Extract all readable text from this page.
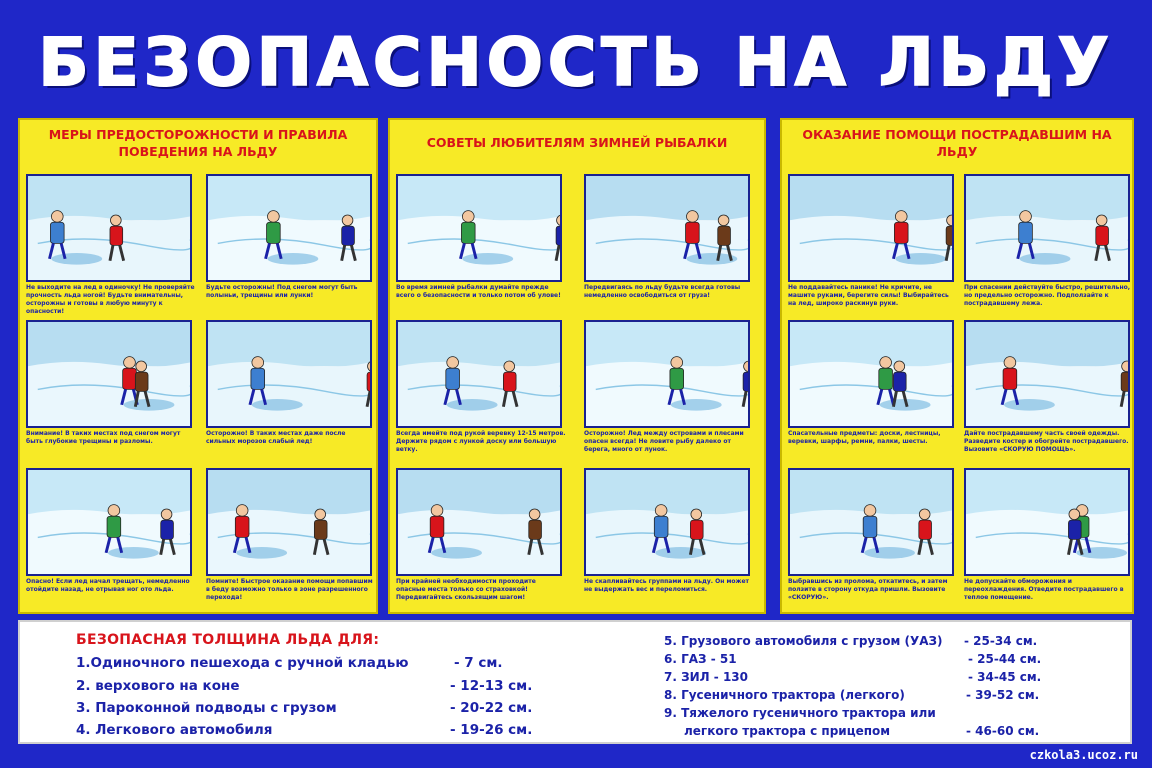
БЕЗОПАСНОСТЬ НА ЛЬДУ
МЕРЫ ПРЕДОСТОРОЖНОСТИ И ПРАВИЛА ПОВЕДЕНИЯ НА ЛЬДУ
СОВЕТЫ ЛЮБИТЕЛЯМ ЗИМНЕЙ РЫБАЛКИ
ОКАЗАНИЕ ПОМОЩИ ПОСТРАДАВШИМ НА ЛЬДУ
Не выходите на лед в одиночку! Не проверяйте прочность льда ногой! Будьте внимательны, осторожны и готовы в любую минуту к опасности!
Будьте осторожны! Под снегом могут быть полыньи, трещины или лунки!
Внимание! В таких местах под снегом могут быть глубокие трещины и разломы.
Осторожно! В таких местах даже после сильных морозов слабый лед!
Опасно! Если лед начал трещать, немедленно отойдите назад, не отрывая ног ото льда.
Помните! Быстрое оказание помощи попавшим в беду возможно только в зоне разрешенного перехода!
Во время зимней рыбалки думайте прежде всего о безопасности и только потом об улове!
Передвигаясь по льду будьте всегда готовы немедленно освободиться от груза!
Всегда имейте под рукой веревку 12-15 метров. Держите рядом с лункой доску или большую ветку.
Осторожно! Лед между островами и плесами опасен всегда! Не ловите рыбу далеко от берега, много от лунок.
При крайней необходимости проходите опасные места только со страховкой! Передвигайтесь скользящим шагом!
Не скапливайтесь группами на льду. Он может не выдержать вес и переломиться.
Не поддавайтесь панике! Не кричите, не машите руками, берегите силы! Выбирайтесь на лед, широко раскинув руки.
При спасении действуйте быстро, решительно, но предельно осторожно. Подползайте к пострадавшему лежа.
Спасательные предметы: доски, лестницы, веревки, шарфы, ремни, палки, шесты.
Дайте пострадавшему часть своей одежды. Разведите костер и обогрейте пострадавшего. Вызовите «СКОРУЮ ПОМОЩЬ».
Выбравшись из пролома, откатитесь, и затем ползите в сторону откуда пришли. Вызовите «СКОРУЮ».
Не допускайте обморожения и переохлаждения. Отведите пострадавшего в теплое помещение.
БЕЗОПАСНАЯ ТОЛЩИНА ЛЬДА ДЛЯ:
1.Одиночного пешехода с ручной кладью	- 7 см.
2. верхового на коне	- 12-13 см.
3. Пароконной подводы с грузом	- 20-22 см.
4. Легкового автомобиля	- 19-26 см.
5. Грузового автомобиля с грузом (УАЗ) - 25-34 см.
6. ГАЗ - 51	- 25-44 см.
7. ЗИЛ - 130	- 34-45 см.
8. Гусеничного трактора (легкого)	- 39-52 см.
9. Тяжелого гусеничного трактора или
легкого трактора с прицепом	- 46-60 см.
czkola3.ucoz.ru
